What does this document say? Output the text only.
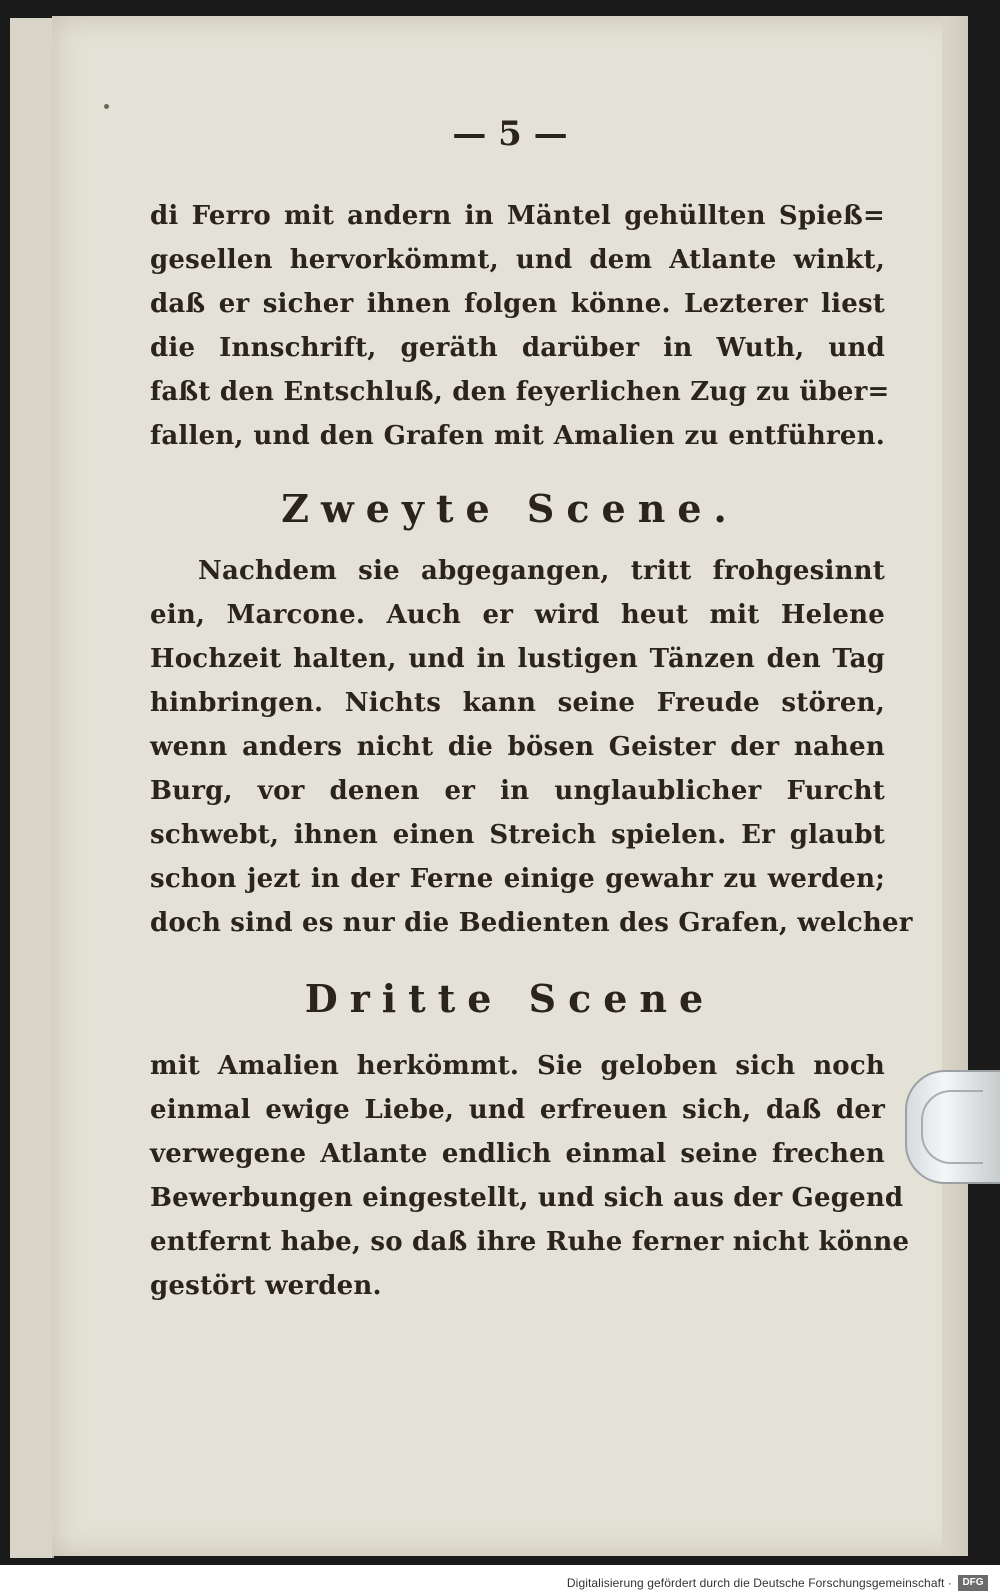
— 5 —
di Ferro mit andern in Mäntel gehüllten Spieß=
gesellen hervorkömmt, und dem Atlante winkt,
daß er sicher ihnen folgen könne. Lezterer liest
die Innschrift, geräth darüber in Wuth, und
faßt den Entschluß, den feyerlichen Zug zu über=
fallen, und den Grafen mit Amalien zu entführen.
Zweyte Scene.
Nachdem sie abgegangen, tritt frohgesinnt
ein, Marcone. Auch er wird heut mit Helene
Hochzeit halten, und in lustigen Tänzen den Tag
hinbringen. Nichts kann seine Freude stören,
wenn anders nicht die bösen Geister der nahen
Burg, vor denen er in unglaublicher Furcht
schwebt, ihnen einen Streich spielen. Er glaubt
schon jezt in der Ferne einige gewahr zu werden;
doch sind es nur die Bedienten des Grafen, welcher
Dritte Scene
mit Amalien herkömmt. Sie geloben sich noch
einmal ewige Liebe, und erfreuen sich, daß der
verwegene Atlante endlich einmal seine frechen
Bewerbungen eingestellt, und sich aus der Gegend
entfernt habe, so daß ihre Ruhe ferner nicht könne
gestört werden.
Digitalisierung gefördert durch die Deutsche Forschungsgemeinschaft ·	DFG
